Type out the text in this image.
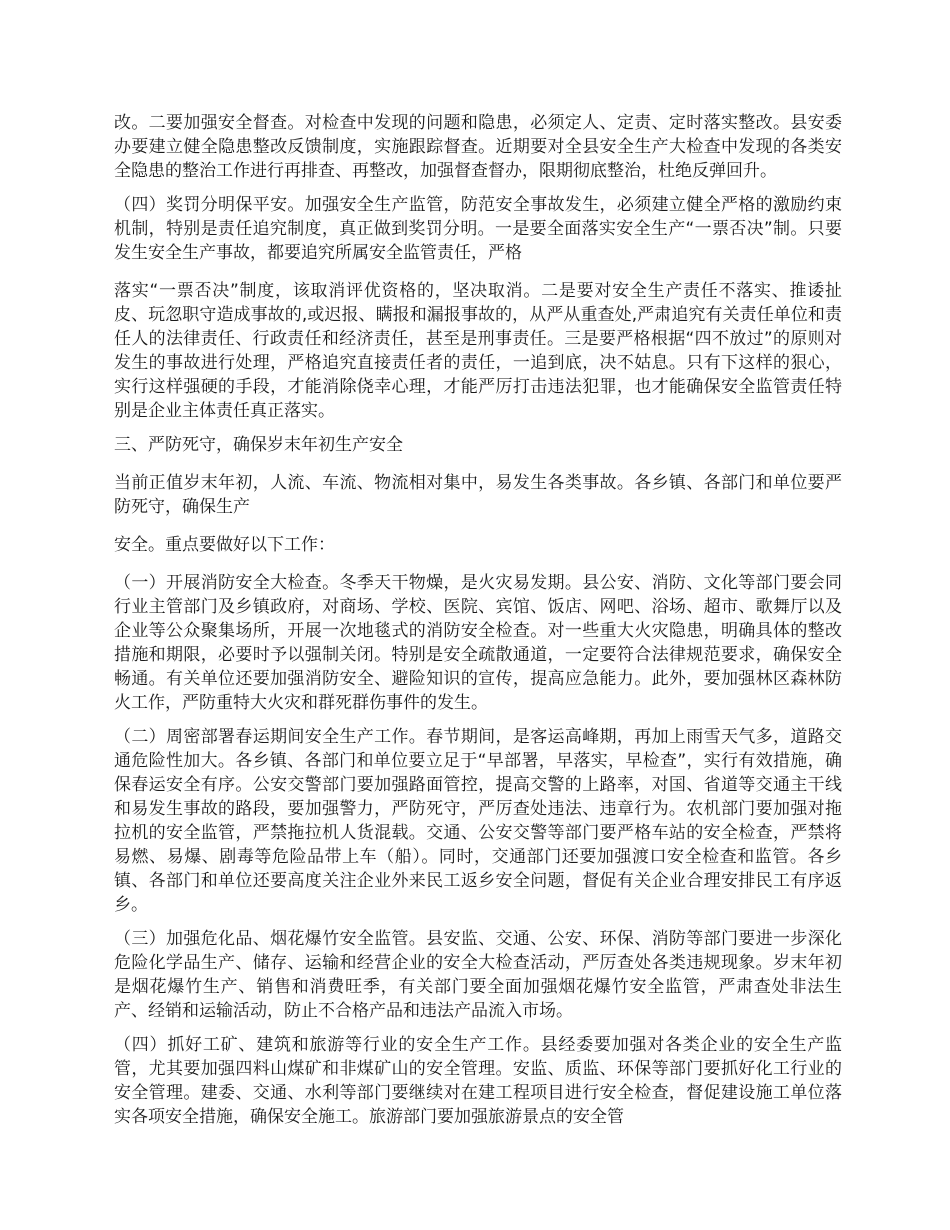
改。二要加强安全督查。对检查中发现的问题和隐患，必须定人、定责、定时落实整改。县安委办要建立健全隐患整改反馈制度，实施跟踪督查。近期要对全县安全生产大检查中发现的各类安全隐患的整治工作进行再排查、再整改，加强督查督办，限期彻底整治，杜绝反弹回升。

（四）奖罚分明保平安。加强安全生产监管，防范安全事故发生，必须建立健全严格的激励约束机制，特别是责任追究制度，真正做到奖罚分明。一是要全面落实安全生产“一票否决”制。只要发生安全生产事故，都要追究所属安全监管责任，严格

落实“一票否决”制度，该取消评优资格的，坚决取消。二是要对安全生产责任不落实、推诿扯皮、玩忽职守造成事故的,或迟报、瞒报和漏报事故的，从严从重查处,严肃追究有关责任单位和责任人的法律责任、行政责任和经济责任，甚至是刑事责任。三是要严格根据“四不放过”的原则对发生的事故进行处理，严格追究直接责任者的责任，一追到底，决不姑息。只有下这样的狠心，实行这样强硬的手段，才能消除侥幸心理，才能严厉打击违法犯罪，也才能确保安全监管责任特别是企业主体责任真正落实。

三、严防死守，确保岁末年初生产安全

当前正值岁末年初，人流、车流、物流相对集中，易发生各类事故。各乡镇、各部门和单位要严防死守，确保生产

安全。重点要做好以下工作：

（一）开展消防安全大检查。冬季天干物燥，是火灾易发期。县公安、消防、文化等部门要会同行业主管部门及乡镇政府，对商场、学校、医院、宾馆、饭店、网吧、浴场、超市、歌舞厅以及企业等公众聚集场所，开展一次地毯式的消防安全检查。对一些重大火灾隐患，明确具体的整改措施和期限，必要时予以强制关闭。特别是安全疏散通道，一定要符合法律规范要求，确保安全畅通。有关单位还要加强消防安全、避险知识的宣传，提高应急能力。此外，要加强林区森林防火工作，严防重特大火灾和群死群伤事件的发生。

（二）周密部署春运期间安全生产工作。春节期间，是客运高峰期，再加上雨雪天气多，道路交通危险性加大。各乡镇、各部门和单位要立足于“早部署，早落实，早检查”，实行有效措施，确保春运安全有序。公安交警部门要加强路面管控，提高交警的上路率，对国、省道等交通主干线和易发生事故的路段，要加强警力，严防死守，严厉查处违法、违章行为。农机部门要加强对拖拉机的安全监管，严禁拖拉机人货混载。交通、公安交警等部门要严格车站的安全检查，严禁将易燃、易爆、剧毒等危险品带上车（船）。同时，交通部门还要加强渡口安全检查和监管。各乡镇、各部门和单位还要高度关注企业外来民工返乡安全问题，督促有关企业合理安排民工有序返乡。

（三）加强危化品、烟花爆竹安全监管。县安监、交通、公安、环保、消防等部门要进一步深化危险化学品生产、储存、运输和经营企业的安全大检查活动，严厉查处各类违规现象。岁末年初是烟花爆竹生产、销售和消费旺季，有关部门要全面加强烟花爆竹安全监管，严肃查处非法生产、经销和运输活动，防止不合格产品和违法产品流入市场。

（四）抓好工矿、建筑和旅游等行业的安全生产工作。县经委要加强对各类企业的安全生产监管，尤其要加强四料山煤矿和非煤矿山的安全管理。安监、质监、环保等部门要抓好化工行业的安全管理。建委、交通、水利等部门要继续对在建工程项目进行安全检查，督促建设施工单位落实各项安全措施，确保安全施工。旅游部门要加强旅游景点的安全管
